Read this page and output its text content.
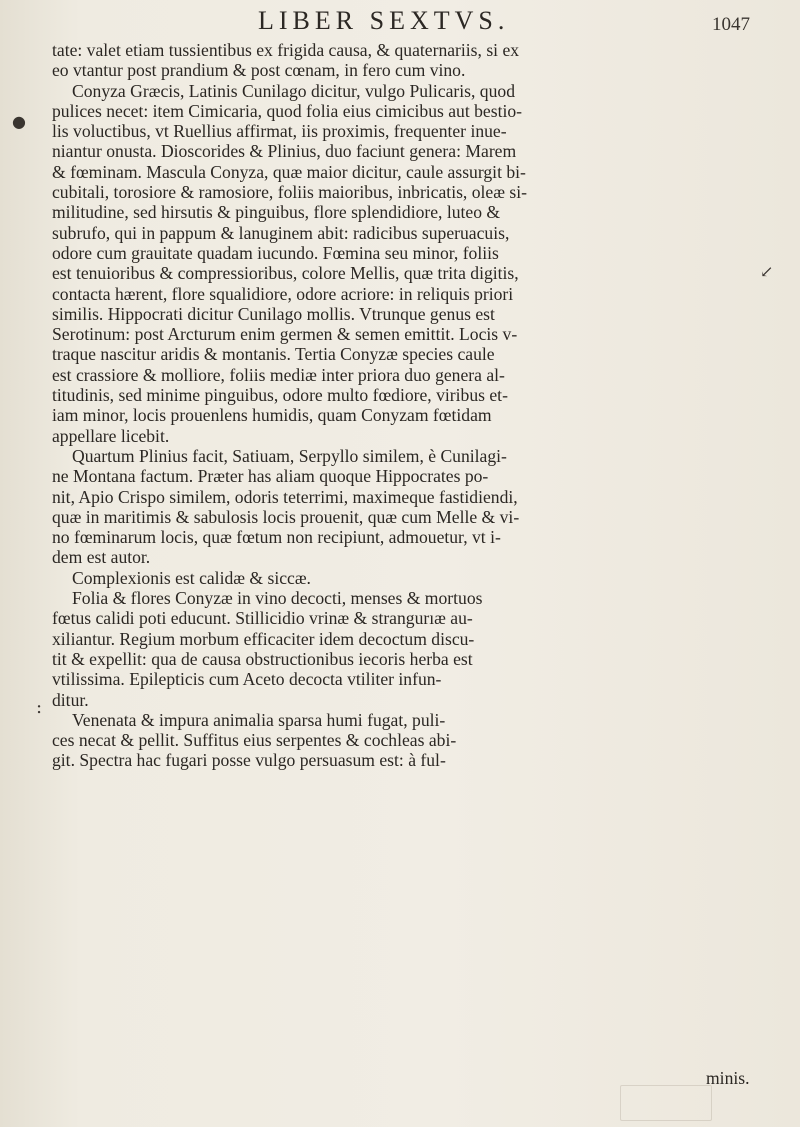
LIBER SEXTVS.	1047
●
↙
:

tate: valet etiam tussientibus ex frigida causa, & quaternariis, si ex
eo vtantur post prandium & post cœnam, in fero cum vino.
Conyza Græcis, Latinis Cunilago dicitur, vulgo Pulicaris, quod
pulices necet: item Cimicaria, quod folia eius cimicibus aut bestio-
lis voluctibus, vt Ruellius affirmat, iis proximis, frequenter inue-
niantur onusta. Dioscorides & Plinius, duo faciunt genera: Marem
& fœminam. Mascula Conyza, quæ maior dicitur, caule assurgit bi-
cubitali, torosiore & ramosiore, foliis maioribus, inbricatis, oleæ si-
militudine, sed hirsutis & pinguibus, flore splendidiore, luteo &
subrufo, qui in pappum & lanuginem abit: radicibus superuacuis,
odore cum grauitate quadam iucundo. Fœmina seu minor, foliis
est tenuioribus & compressioribus, colore Mellis, quæ trita digitis,
contacta hærent, flore squalidiore, odore acriore: in reliquis priori
similis. Hippocrati dicitur Cunilago mollis. Vtrunque genus est
Serotinum: post Arcturum enim germen & semen emittit. Locis v-
traque nascitur aridis & montanis. Tertia Conyzæ species caule
est crassiore & molliore, foliis mediæ inter priora duo genera al-
titudinis, sed minime pinguibus, odore multo fœdiore, viribus et-
iam minor, locis prouenlens humidis, quam Conyzam fœtidam
appellare licebit.

Quartum Plinius facit, Satiuam, Serpyllo similem, è Cunilagi-
ne Montana factum. Præter has aliam quoque Hippocrates po-
nit, Apio Crispo similem, odoris teterrimi, maximeque fastidiendi,
quæ in maritimis & sabulosis locis prouenit, quæ cum Melle & vi-
no fœminarum locis, quæ fœtum non recipiunt, admouetur, vt i-
dem est autor.

Complexionis est calidæ & siccæ.
Folia & flores Conyzæ in vino decocti, menses & mortuos
fœtus calidi poti educunt. Stillicidio vrinæ & strangurıæ au-
xiliantur. Regium morbum efficaciter idem decoctum discu-
tit & expellit: qua de causa obstructionibus iecoris herba est
vtilissima. Epilepticis cum Aceto decocta vtiliter infun-
ditur.

Venenata & impura animalia sparsa humi fugat, puli-
ces necat & pellit. Suffitus eius serpentes & cochleas abi-
git. Spectra hac fugari posse vulgo persuasum est: à ful-

minis.
